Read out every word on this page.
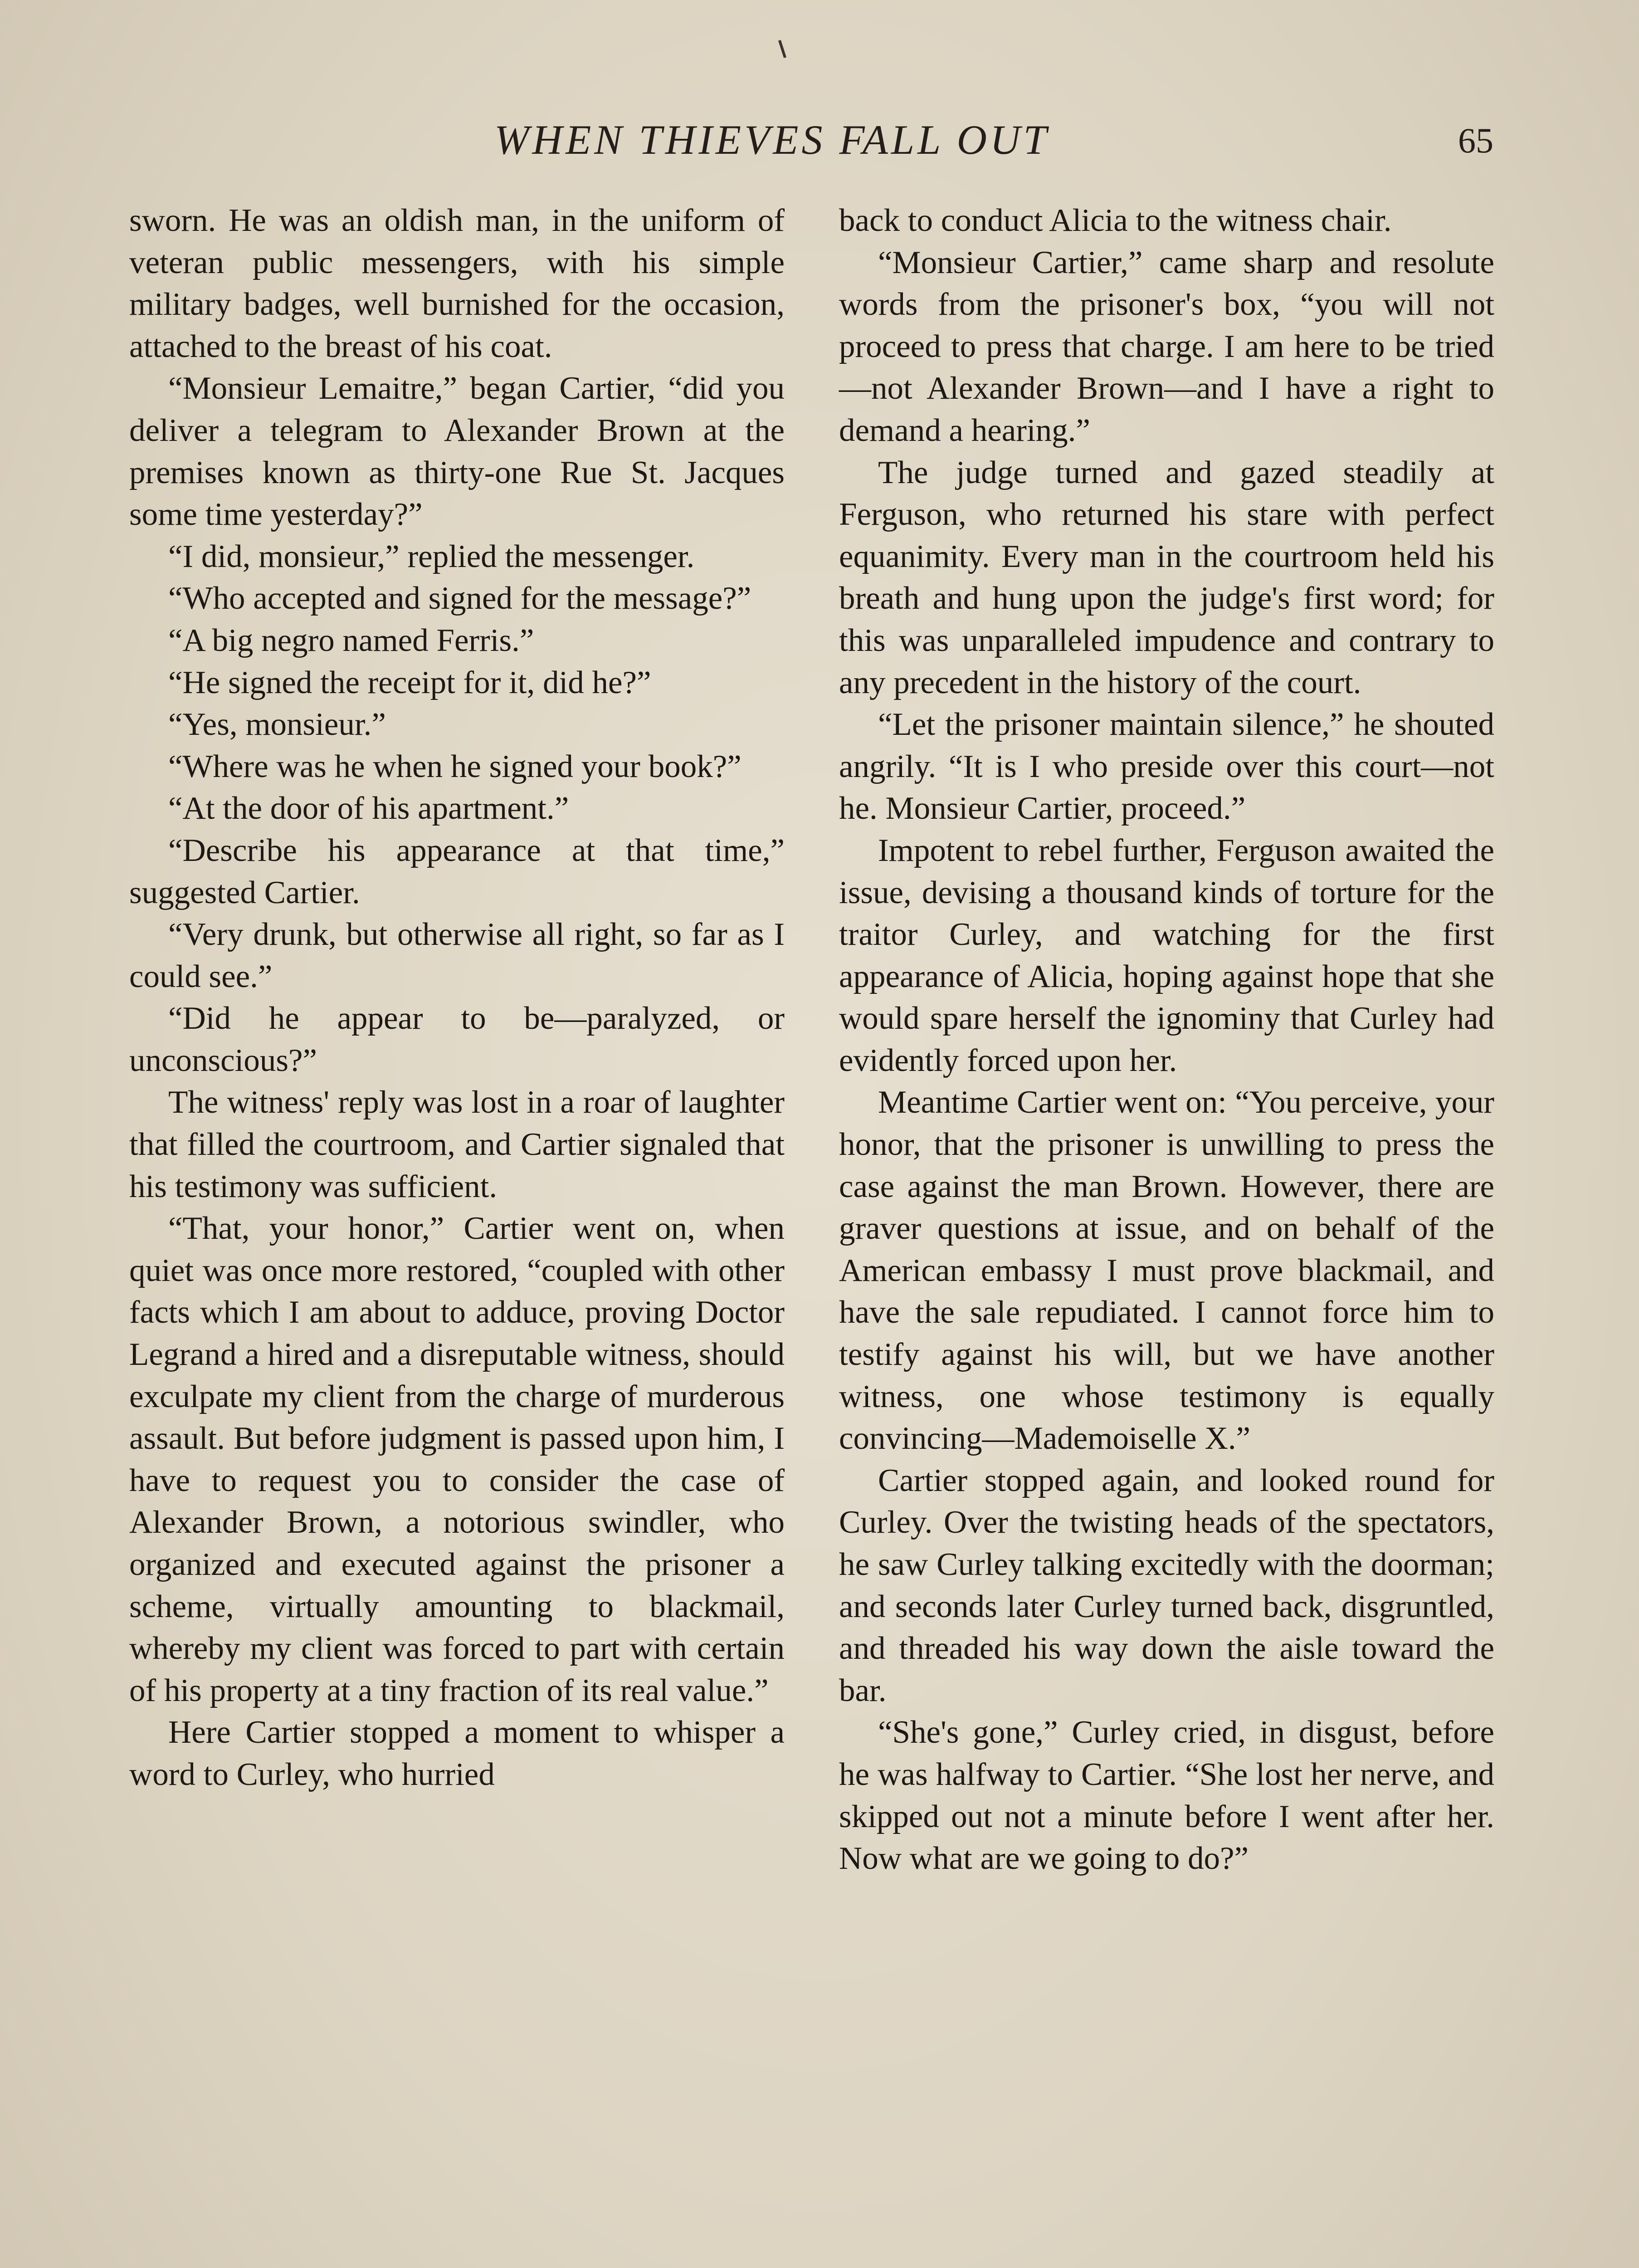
WHEN THIEVES FALL OUT	65

sworn. He was an oldish man, in the uniform of veteran public messengers, with his simple military badges, well burnished for the occasion, attached to the breast of his coat.

“Monsieur Lemaitre,” began Cartier, “did you deliver a telegram to Alexander Brown at the premises known as thirty-one Rue St. Jacques some time yesterday?”

“I did, monsieur,” replied the messenger.

“Who accepted and signed for the message?”

“A big negro named Ferris.”

“He signed the receipt for it, did he?”

“Yes, monsieur.”

“Where was he when he signed your book?”

“At the door of his apartment.”

“Describe his appearance at that time,” suggested Cartier.

“Very drunk, but otherwise all right, so far as I could see.”

“Did he appear to be—paralyzed, or unconscious?”

The witness' reply was lost in a roar of laughter that filled the courtroom, and Cartier signaled that his testimony was sufficient.

“That, your honor,” Cartier went on, when quiet was once more restored, “coupled with other facts which I am about to adduce, proving Doctor Legrand a hired and a disreputable witness, should exculpate my client from the charge of murderous assault. But before judgment is passed upon him, I have to request you to consider the case of Alexander Brown, a notorious swindler, who organized and executed against the prisoner a scheme, virtually amounting to blackmail, whereby my client was forced to part with certain of his property at a tiny fraction of its real value.”

Here Cartier stopped a moment to whisper a word to Curley, who hurried

back to conduct Alicia to the witness chair.

“Monsieur Cartier,” came sharp and resolute words from the prisoner's box, “you will not proceed to press that charge. I am here to be tried—not Alexander Brown—and I have a right to demand a hearing.”

The judge turned and gazed steadily at Ferguson, who returned his stare with perfect equanimity. Every man in the courtroom held his breath and hung upon the judge's first word; for this was unparalleled impudence and contrary to any precedent in the history of the court.

“Let the prisoner maintain silence,” he shouted angrily. “It is I who preside over this court—not he. Monsieur Cartier, proceed.”

Impotent to rebel further, Ferguson awaited the issue, devising a thousand kinds of torture for the traitor Curley, and watching for the first appearance of Alicia, hoping against hope that she would spare herself the ignominy that Curley had evidently forced upon her.

Meantime Cartier went on: “You perceive, your honor, that the prisoner is unwilling to press the case against the man Brown. However, there are graver questions at issue, and on behalf of the American embassy I must prove blackmail, and have the sale repudiated. I cannot force him to testify against his will, but we have another witness, one whose testimony is equally convincing—Mademoiselle X.”

Cartier stopped again, and looked round for Curley. Over the twisting heads of the spectators, he saw Curley talking excitedly with the doorman; and seconds later Curley turned back, disgruntled, and threaded his way down the aisle toward the bar.

“She's gone,” Curley cried, in disgust, before he was halfway to Cartier. “She lost her nerve, and skipped out not a minute before I went after her. Now what are we going to do?”
